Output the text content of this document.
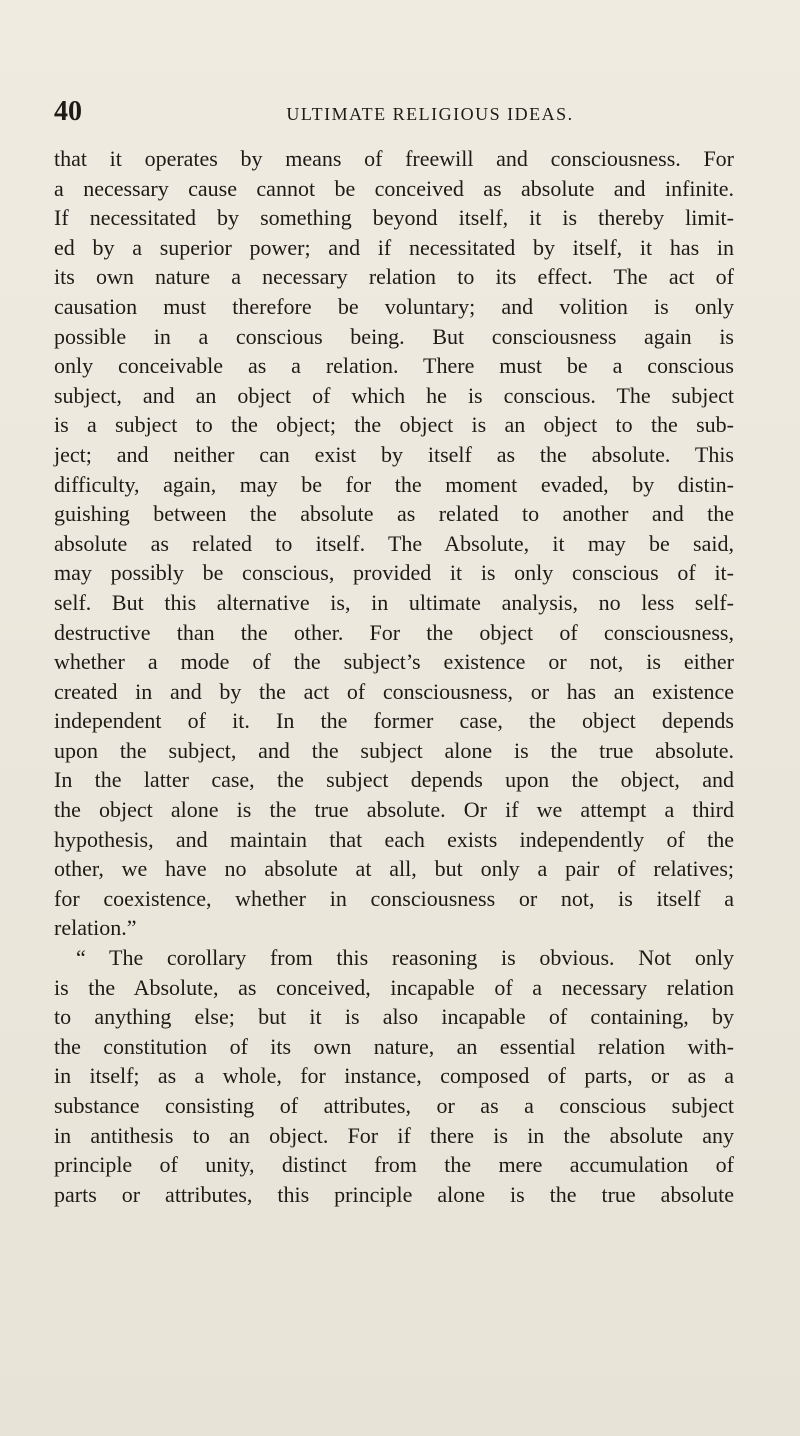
40	ULTIMATE RELIGIOUS IDEAS.
that it operates by means of freewill and consciousness. For
a necessary cause cannot be conceived as absolute and infinite.
If necessitated by something beyond itself, it is thereby limit-
ed by a superior power; and if necessitated by itself, it has in
its own nature a necessary relation to its effect. The act of
causation must therefore be voluntary; and volition is only
possible in a conscious being. But consciousness again is
only conceivable as a relation. There must be a conscious
subject, and an object of which he is conscious. The subject
is a subject to the object; the object is an object to the sub-
ject; and neither can exist by itself as the absolute. This
difficulty, again, may be for the moment evaded, by distin-
guishing between the absolute as related to another and the
absolute as related to itself. The Absolute, it may be said,
may possibly be conscious, provided it is only conscious of it-
self. But this alternative is, in ultimate analysis, no less self-
destructive than the other. For the object of consciousness,
whether a mode of the subject’s existence or not, is either
created in and by the act of consciousness, or has an existence
independent of it. In the former case, the object depends
upon the subject, and the subject alone is the true absolute.
In the latter case, the subject depends upon the object, and
the object alone is the true absolute. Or if we attempt a third
hypothesis, and maintain that each exists independently of the
other, we have no absolute at all, but only a pair of relatives;
for coexistence, whether in consciousness or not, is itself a
relation.”
“ The corollary from this reasoning is obvious. Not only
is the Absolute, as conceived, incapable of a necessary relation
to anything else; but it is also incapable of containing, by
the constitution of its own nature, an essential relation with-
in itself; as a whole, for instance, composed of parts, or as a
substance consisting of attributes, or as a conscious subject
in antithesis to an object. For if there is in the absolute any
principle of unity, distinct from the mere accumulation of
parts or attributes, this principle alone is the true absolute
